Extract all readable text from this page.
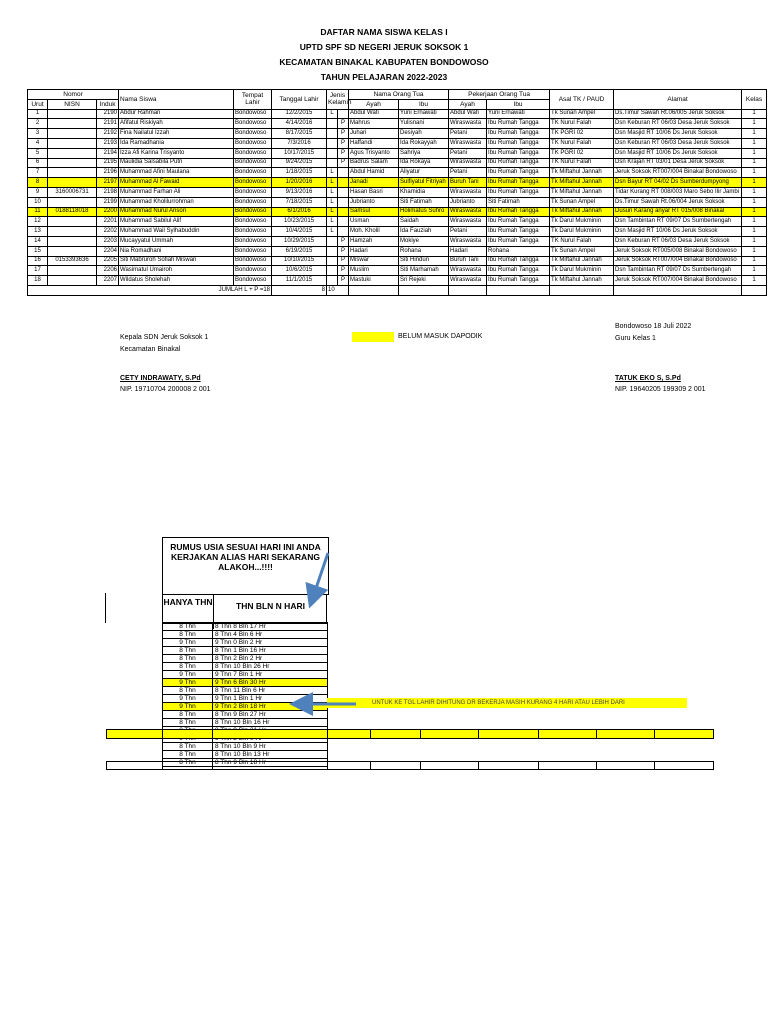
DAFTAR NAMA SISWA KELAS I
UPTD SPF SD NEGERI JERUK SOKSOK 1
KECAMATAN BINAKAL KABUPATEN BONDOWOSO
TAHUN PELAJARAN 2022-2023
Nomor			Nama Siswa	Tempat Lahir	Tanggal Lahir	Jenis Kelamin		Nama Orang Tua		Pekerjaan Orang Tua		Asal TK / PAUD	Alamat	Kelas
Urut	NISN	Induk						Ayah	Ibu	Ayah	Ibu			
1		2190	Abdur Rahman	Bondowoso	12/2/2015	L		Abdul Wafi	Yuni Ernawati	Abdul Wafi	Yuni Ernawati	Tk Sunan Ampel	Ds.Timur Sawah Rt.06/005 Jeruk Soksok	1
2		2191	Afifatul Riskiyah	Bondowoso	4/14/2016		P	Mahrus	Yulisnani	Wiraswasta	Ibu Rumah Tangga	TK Nurul Falah	Dsn Keburan RT 06/03 Desa Jeruk Soksok	1
3		2192	Fina Nailatul Izzah	Bondowoso	8/17/2015		P	Juhari	Desiyah	Petani	Ibu Rumah Tangga	TK PGRI 02	Dsn Masjid RT 10/06 Ds Jeruk Soksok	1
4		2193	Ida Ramadhania	Bondowoso	7/3/2016		P	Haffandi	Ida Rokayyah	Wiraswasta	Ibu Rumah Tangga	TK Nurul Falah	Dsn Keburan RT 06/03 Desa Jeruk Soksok	1
5		2194	Izza Afi Karina Trisyanto	Bondowoso	10/17/2015		P	Agus Trisyanto	Sahriya	Petani	Ibu Rumah Tangga	TK PGRI 02	Dsn Masjid RT 10/06 Ds Jeruk Soksok	1
6		2195	Maulidia Salsabila Putri	Bondowoso	9/24/2015		P	Badrus Salam	Ida Rokaya	Wiraswasta	Ibu Rumah Tangga	TK Nurul Falah	Dsn Krajan RT 03/01 Desa Jeruk Soksok	1
7		2196	Muhammad Afini Maulana	Bondowoso	1/18/2015	L		Abdul Hamid	Aliyatur	Petani	Ibu Rumah Tangga	Tk Miftahul Jannah	Jeruk Soksok RT007/004 Binakal Bondowoso	1
8		2197	Muhammad Al Fawaid	Bondowoso	1/20/2016	L		Janadi	Sulfiyatul Fitriyah	Buruh Tani	Ibu Rumah Tangga	Tk Miftahul Jannah	Dsn Bayur RT 04/02 Ds Sumberdumpyong	1
9	3160006731	2198	Muhammad Farhan Ali	Bondowoso	9/13/2016	L		Hasan Basri	Khamidia	Wiraswasta	Ibu Rumah Tangga	Tk Miftahul Jannah	Tidar Kurang RT 008/003 Maro Sebo Ilir Jambi	1
10		2199	Muhammad Kholilurrohman	Bondowoso	7/18/2015	L		Jubrianto	Siti Fatimah	Jubrianto	Siti Fatimah	Tk Sunan Ampel	Ds.Timur Sawah Rt.06/004 Jeruk Soksok	1
11	0188118018	2200	Muhammad Nurul Ansori	Bondowoso	6/1/2016	L		Samsul	Holimatus Suhro	Wiraswasta	Ibu Rumah Tangga	Tk Miftahul Jannah	Dusun Karang anyar RT 015/008 Binakal	1
12		2201	Muhammad Sabilul Alif	Bondowoso	10/23/2015	L		Usman	Saidah	Wiraswasta	Ibu Rumah Tangga	Tk Darul Mukminin	Dsn Tambintan RT 09/07 Ds Sumbertengah	1
13		2202	Muhammad Wail Sylhabuddin	Bondowoso	10/4/2015	L		Moh. Kholil	Ida Fauziah	Petani	Ibu Rumah Tangga	Tk Darul Mukminin	Dsn Masjid RT 10/06 Ds Jeruk Soksok	1
14		2203	Mucayyatul Ummah	Bondowoso	10/29/2015		P	Hamzah	Mokiye	Wiraswasta	Ibu Rumah Tangga	TK Nurul Falah	Dsn Keburan RT 06/03 Desa Jeruk Soksok	1
15		2204	Nia Romadhani	Bondowoso	6/19/2015		P	Hadari	Rohana	Hadari	Rohana	Tk Sunan Ampel	Jeruk Soksok RT005/008 Binakal Bondowoso	1
16	0153393636	2205	Siti Mabruroh Sofiah Miswari	Bondowoso	10/10/2015		P	Miswar	Siti Hindun	Buruh Tani	Ibu Rumah Tangga	Tk Miftahul Jannah	Jeruk Soksok RT007/004 Binakal Bondowoso	1
17		2206	Wasimatul Umairoh	Bondowoso	10/6/2015		P	Muslim	Siti Marhamah	Wiraswasta	Ibu Rumah Tangga	Tk Darul Mukminin	Dsn Tambintan RT 09/07 Ds Sumbertengah	1
18		2207	Wildatus Sholehah	Bondowoso	11/1/2015		P	Mastuki	Sri Rejeki	Wiraswasta	Ibu Rumah Tangga	Tk Miftahul Jannah	Jeruk Soksok RT007/004 Binakal Bondowoso	1
JUMLAH L + P =18					8	10								
Bondowoso 18 Juli 2022
Kepala SDN Jeruk Soksok 1
Kecamatan Binakal
BELUM MASUK DAPODIK	Guru Kelas 1
CETY INDRAWATY, S.Pd
NIP. 19710704 200008 2 001
TATUK EKO S, S.Pd
NIP. 19640205 199309 2 001
RUMUS USIA SESUAI HARI INI ANDA KERJAKAN ALIAS HARI SEKARANG ALAKOH...!!!!
HANYA THN	THN BLN N HARI
8 Thn	8 Thn 8 Bln 17 Hr
8 Thn	8 Thn 4 Bln 6 Hr
9 Thn	9 Thn 0 Bln 2 Hr
8 Thn	8 Thn 1 Bln 16 Hr
8 Thn	8 Thn 2 Bln 2 Hr
8 Thn	8 Thn 10 Bln 26 Hr
9 Thn	9 Thn 7 Bln 1 Hr
9 Thn	9 Thn 6 Bln 30 Hr
8 Thn	8 Thn 11 Bln 6 Hr
9 Thn	9 Thn 1 Bln 1 Hr
9 Thn	9 Thn 2 Bln 18 Hr
8 Thn	8 Thn 9 Bln 27 Hr
8 Thn	8 Thn 10 Bln 16 Hr

8 Thn	8 Thn 10 Bln 9 Hr
8 Thn	8 Thn 10 Bln 13 Hr
8 Thn	8 Thn 9 Bln 18 Hr
UNTUK KE TGL LAHIR DIHITUNG DR BEKERJA MASIH KURANG 4 HARI ATAU LEBIH DARI
